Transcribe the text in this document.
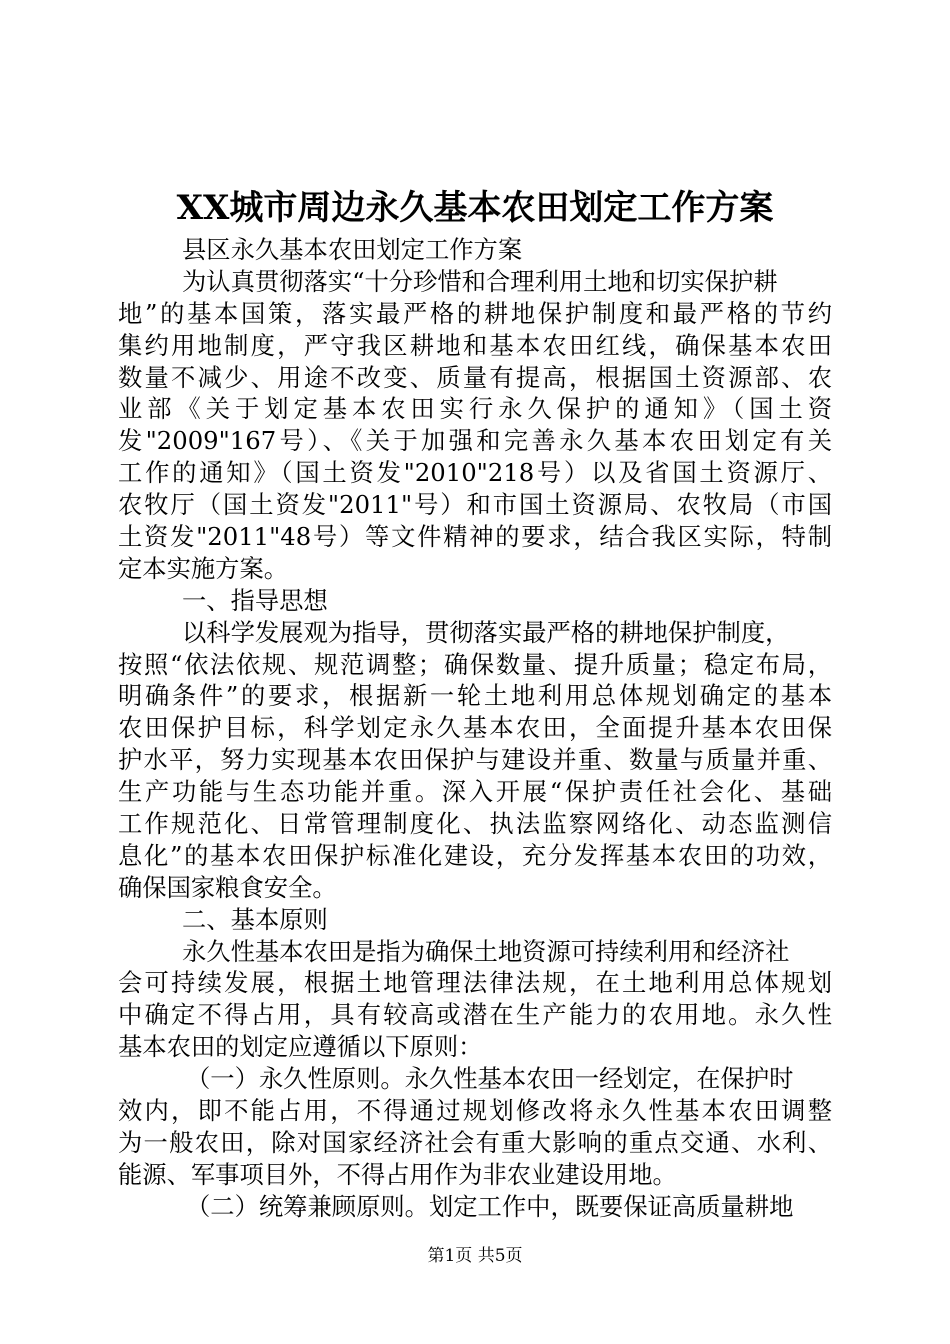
XX城市周边永久基本农田划定工作方案
县区永久基本农田划定工作方案
为认真贯彻落实“十分珍惜和合理利用土地和切实保护耕
地”的基本国策，落实最严格的耕地保护制度和最严格的节约
集约用地制度，严守我区耕地和基本农田红线，确保基本农田
数量不减少、用途不改变、质量有提高，根据国土资源部、农
业部《关于划定基本农田实行永久保护的通知》（国土资
发"2009"167号）、《关于加强和完善永久基本农田划定有关
工作的通知》（国土资发"2010"218号）以及省国土资源厅、
农牧厅（国土资发"2011"号）和市国土资源局、农牧局（市国
土资发"2011"48号）等文件精神的要求，结合我区实际，特制
定本实施方案。
一、指导思想
以科学发展观为指导，贯彻落实最严格的耕地保护制度，
按照“依法依规、规范调整；确保数量、提升质量；稳定布局，
明确条件”的要求，根据新一轮土地利用总体规划确定的基本
农田保护目标，科学划定永久基本农田，全面提升基本农田保
护水平，努力实现基本农田保护与建设并重、数量与质量并重、
生产功能与生态功能并重。深入开展“保护责任社会化、基础
工作规范化、日常管理制度化、执法监察网络化、动态监测信
息化”的基本农田保护标准化建设，充分发挥基本农田的功效，
确保国家粮食安全。
二、基本原则
永久性基本农田是指为确保土地资源可持续利用和经济社
会可持续发展，根据土地管理法律法规，在土地利用总体规划
中确定不得占用，具有较高或潜在生产能力的农用地。永久性
基本农田的划定应遵循以下原则：
（一）永久性原则。永久性基本农田一经划定，在保护时
效内，即不能占用，不得通过规划修改将永久性基本农田调整
为一般农田，除对国家经济社会有重大影响的重点交通、水利、
能源、军事项目外，不得占用作为非农业建设用地。
（二）统筹兼顾原则。划定工作中，既要保证高质量耕地
第1页 共5页
